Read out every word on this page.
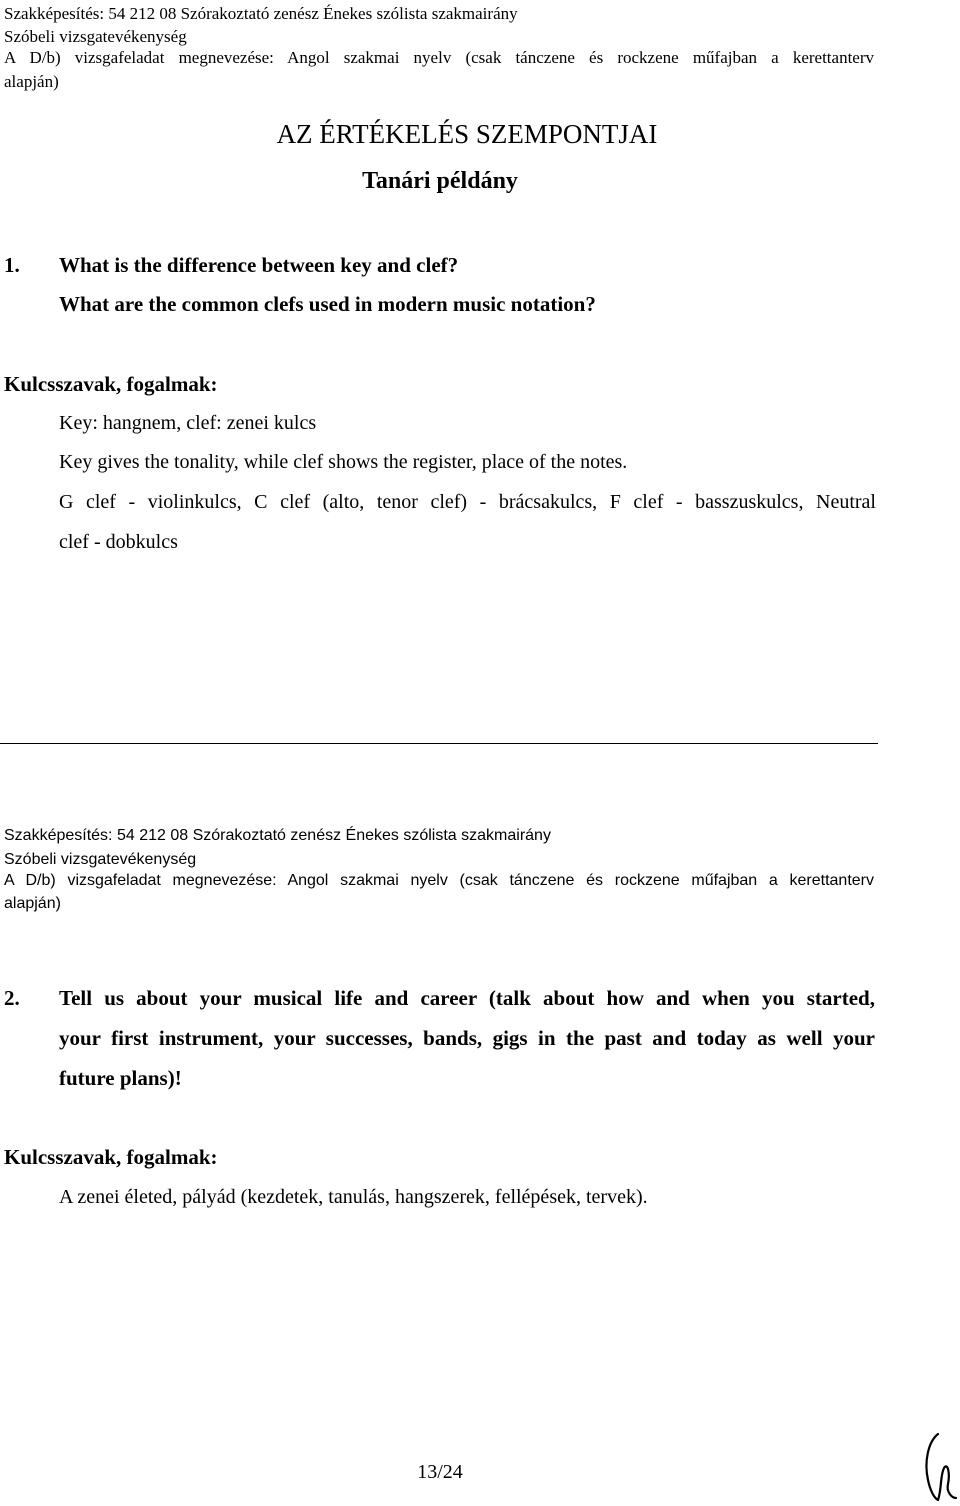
Szakképesítés: 54 212 08 Szórakoztató zenész Énekes szólista szakmairány
Szóbeli vizsgatevékenység
A D/b) vizsgafeladat megnevezése: Angol szakmai nyelv (csak tánczene és rockzene műfajban a kerettanterv
alapján)
AZ ÉRTÉKELÉS SZEMPONTJAI
Tanári példány
1. What is the difference between key and clef?
What are the common clefs used in modern music notation?
Kulcsszavak, fogalmak:
Key: hangnem, clef: zenei kulcs
Key gives the tonality, while clef shows the register, place of the notes.
G clef - violinkulcs, C clef (alto, tenor clef) - brácsakulcs, F clef - basszuskulcs, Neutral
clef - dobkulcs
Szakképesítés: 54 212 08 Szórakoztató zenész Énekes szólista szakmairány
Szóbeli vizsgatevékenység
A D/b) vizsgafeladat megnevezése: Angol szakmai nyelv (csak tánczene és rockzene műfajban a kerettanterv
alapján)
2. Tell us about your musical life and career (talk about how and when you started,
your first instrument, your successes, bands, gigs in the past and today as well your
future plans)!
Kulcsszavak, fogalmak:
A zenei életed, pályád (kezdetek, tanulás, hangszerek, fellépések, tervek).
13/24
